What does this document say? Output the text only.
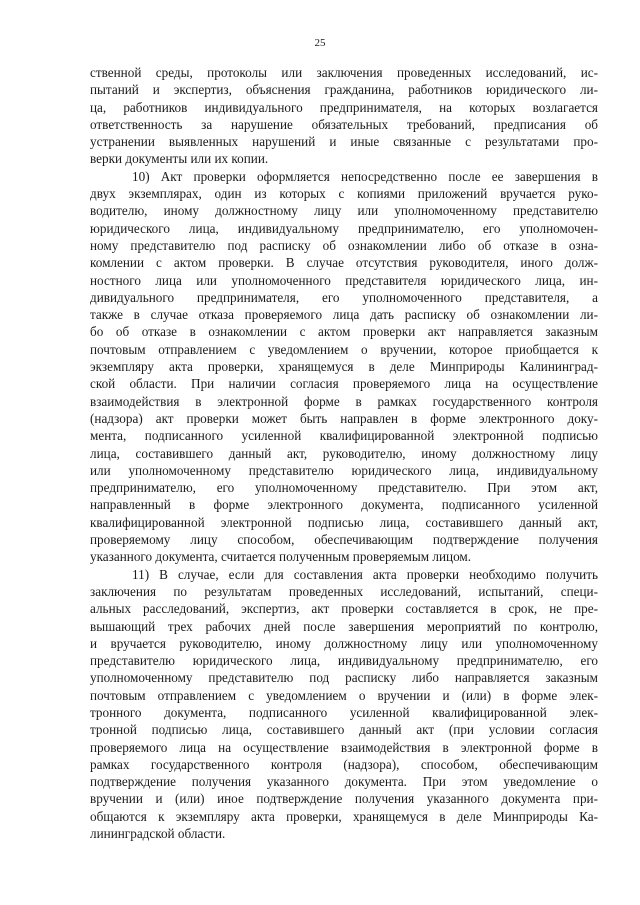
25
ственной среды, протоколы или заключения проведенных исследований, ис-
пытаний и экспертиз, объяснения гражданина, работников юридического ли-
ца, работников индивидуального предпринимателя, на которых возлагается
ответственность за нарушение обязательных требований, предписания об
устранении выявленных нарушений и иные связанные с результатами про-
верки документы или их копии.
10) Акт проверки оформляется непосредственно после ее завершения в
двух экземплярах, один из которых с копиями приложений вручается руко-
водителю, иному должностному лицу или уполномоченному представителю
юридического лица, индивидуальному предпринимателю, его уполномочен-
ному представителю под расписку об ознакомлении либо об отказе в озна-
комлении с актом проверки. В случае отсутствия руководителя, иного долж-
ностного лица или уполномоченного представителя юридического лица, ин-
дивидуального предпринимателя, его уполномоченного представителя, а
также в случае отказа проверяемого лица дать расписку об ознакомлении ли-
бо об отказе в ознакомлении с актом проверки акт направляется заказным
почтовым отправлением с уведомлением о вручении, которое приобщается к
экземпляру акта проверки, хранящемуся в деле Минприроды Калининград-
ской области. При наличии согласия проверяемого лица на осуществление
взаимодействия в электронной форме в рамках государственного контроля
(надзора) акт проверки может быть направлен в форме электронного доку-
мента, подписанного усиленной квалифицированной электронной подписью
лица, составившего данный акт, руководителю, иному должностному лицу
или уполномоченному представителю юридического лица, индивидуальному
предпринимателю, его уполномоченному представителю. При этом акт,
направленный в форме электронного документа, подписанного усиленной
квалифицированной электронной подписью лица, составившего данный акт,
проверяемому лицу способом, обеспечивающим подтверждение получения
указанного документа, считается полученным проверяемым лицом.
11) В случае, если для составления акта проверки необходимо получить
заключения по результатам проведенных исследований, испытаний, специ-
альных расследований, экспертиз, акт проверки составляется в срок, не пре-
вышающий трех рабочих дней после завершения мероприятий по контролю,
и вручается руководителю, иному должностному лицу или уполномоченному
представителю юридического лица, индивидуальному предпринимателю, его
уполномоченному представителю под расписку либо направляется заказным
почтовым отправлением с уведомлением о вручении и (или) в форме элек-
тронного документа, подписанного усиленной квалифицированной элек-
тронной подписью лица, составившего данный акт (при условии согласия
проверяемого лица на осуществление взаимодействия в электронной форме в
рамках государственного контроля (надзора), способом, обеспечивающим
подтверждение получения указанного документа. При этом уведомление о
вручении и (или) иное подтверждение получения указанного документа при-
общаются к экземпляру акта проверки, хранящемуся в деле Минприроды Ка-
лининградской области.
